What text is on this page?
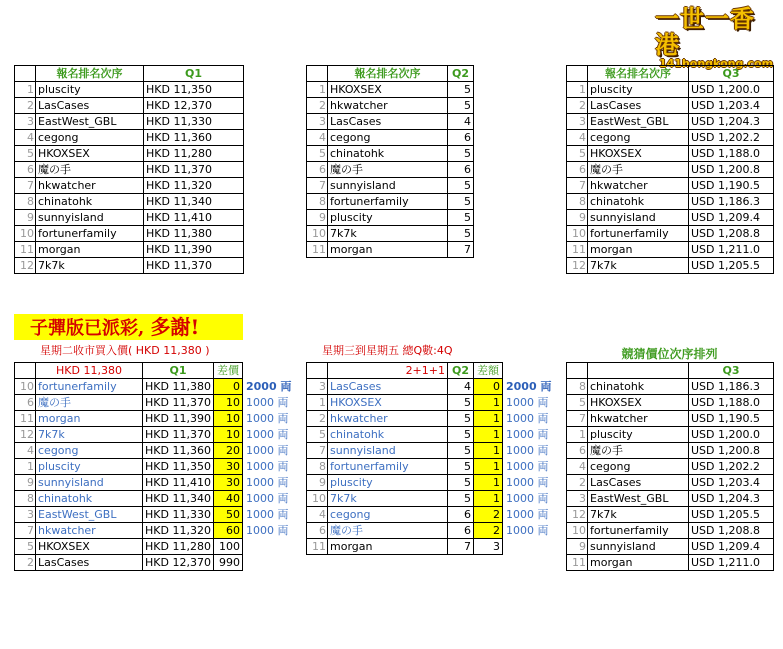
一世一香港
141hongkong.com
	報名排名次序	Q1
1	pluscity	HKD 11,350
2	LasCases	HKD 12,370
3	EastWest_GBL	HKD 11,330
4	cegong	HKD 11,360
5	HKOXSEX	HKD 11,280
6	魔の手	HKD 11,370
7	hkwatcher	HKD 11,320
8	chinatohk	HKD 11,340
9	sunnyisland	HKD 11,410
10	fortunerfamily	HKD 11,380
11	morgan	HKD 11,390
12	7k7k	HKD 11,370
	報名排名次序	Q2
1	HKOXSEX	5
2	hkwatcher	5
3	LasCases	4
4	cegong	6
5	chinatohk	5
6	魔の手	6
7	sunnyisland	5
8	fortunerfamily	5
9	pluscity	5
10	7k7k	5
11	morgan	7
	報名排名次序	Q3
1	pluscity	USD 1,200.0
2	LasCases	USD 1,203.4
3	EastWest_GBL	USD 1,204.3
4	cegong	USD 1,202.2
5	HKOXSEX	USD 1,188.0
6	魔の手	USD 1,200.8
7	hkwatcher	USD 1,190.5
8	chinatohk	USD 1,186.3
9	sunnyisland	USD 1,209.4
10	fortunerfamily	USD 1,208.8
11	morgan	USD 1,211.0
12	7k7k	USD 1,205.5
子彈版已派彩, 多謝!
星期二收市買入價( HKD 11,380 )	星期三到星期五 總Q數:4Q	競猜價位次序排列
	HKD 11,380	Q1	差價	
10	fortunerfamily	HKD 11,380	0	2000 両
6	魔の手	HKD 11,370	10	1000 両
11	morgan	HKD 11,390	10	1000 両
12	7k7k	HKD 11,370	10	1000 両
4	cegong	HKD 11,360	20	1000 両
1	pluscity	HKD 11,350	30	1000 両
9	sunnyisland	HKD 11,410	30	1000 両
8	chinatohk	HKD 11,340	40	1000 両
3	EastWest_GBL	HKD 11,330	50	1000 両
7	hkwatcher	HKD 11,320	60	1000 両
5	HKOXSEX	HKD 11,280	100	
2	LasCases	HKD 12,370	990	
	2+1+1	Q2	差額	
3	LasCases	4	0	2000 両
1	HKOXSEX	5	1	1000 両
2	hkwatcher	5	1	1000 両
5	chinatohk	5	1	1000 両
7	sunnyisland	5	1	1000 両
8	fortunerfamily	5	1	1000 両
9	pluscity	5	1	1000 両
10	7k7k	5	1	1000 両
4	cegong	6	2	1000 両
6	魔の手	6	2	1000 両
11	morgan	7	3	
		Q3
8	chinatohk	USD 1,186.3
5	HKOXSEX	USD 1,188.0
7	hkwatcher	USD 1,190.5
1	pluscity	USD 1,200.0
6	魔の手	USD 1,200.8
4	cegong	USD 1,202.2
2	LasCases	USD 1,203.4
3	EastWest_GBL	USD 1,204.3
12	7k7k	USD 1,205.5
10	fortunerfamily	USD 1,208.8
9	sunnyisland	USD 1,209.4
11	morgan	USD 1,211.0
